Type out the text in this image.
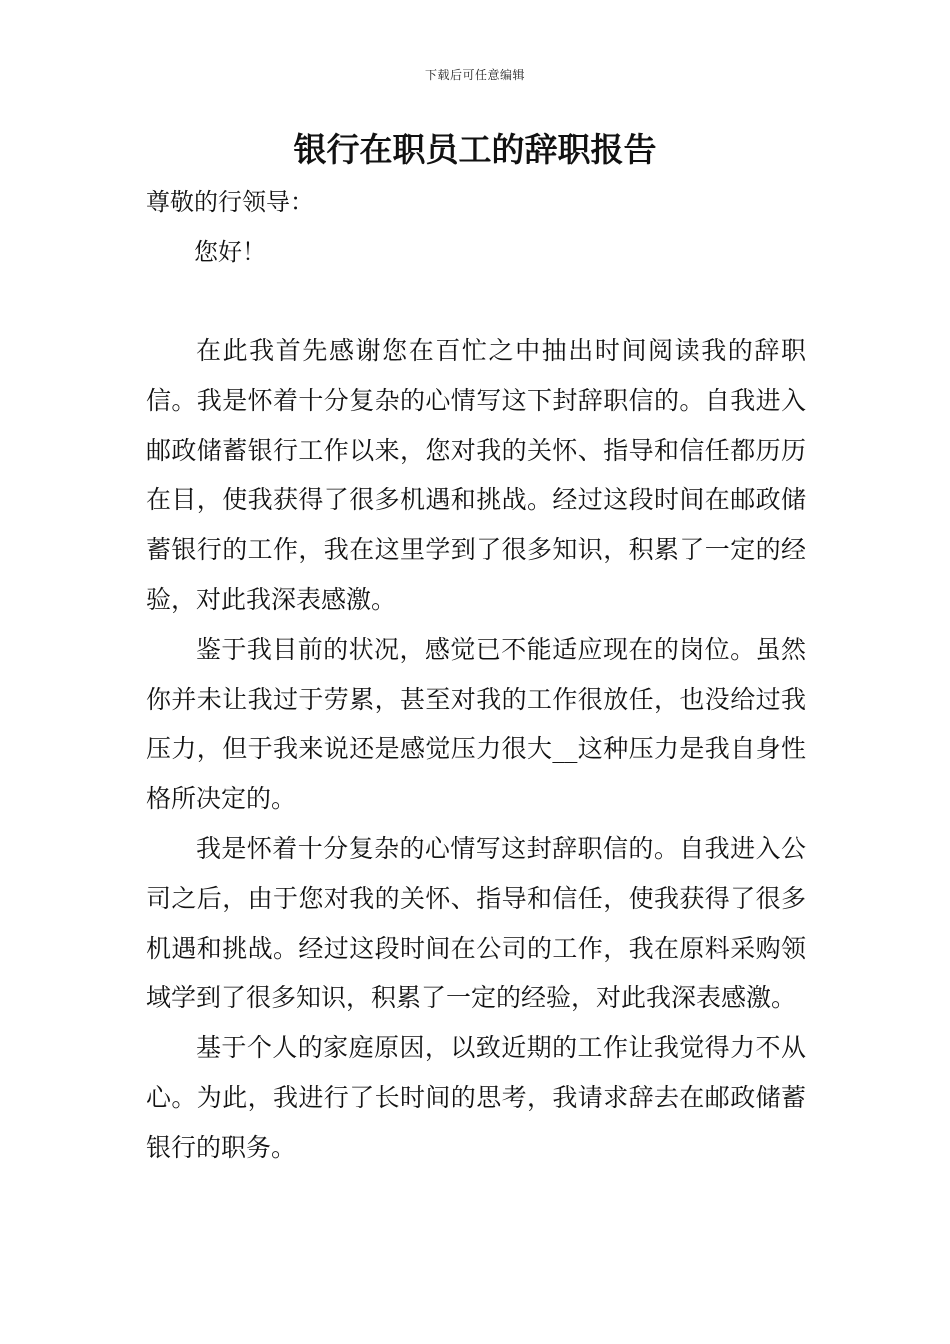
下载后可任意编辑
银行在职员工的辞职报告
尊敬的行领导：
您好！

在此我首先感谢您在百忙之中抽出时间阅读我的辞职信。我是怀着十分复杂的心情写这下封辞职信的。自我进入邮政储蓄银行工作以来，您对我的关怀、指导和信任都历历在目，使我获得了很多机遇和挑战。经过这段时间在邮政储蓄银行的工作，我在这里学到了很多知识，积累了一定的经验，对此我深表感激。

鉴于我目前的状况，感觉已不能适应现在的岗位。虽然你并未让我过于劳累，甚至对我的工作很放任，也没给过我压力，但于我来说还是感觉压力很大__这种压力是我自身性格所决定的。

我是怀着十分复杂的心情写这封辞职信的。自我进入公司之后，由于您对我的关怀、指导和信任，使我获得了很多机遇和挑战。经过这段时间在公司的工作，我在原料采购领域学到了很多知识，积累了一定的经验，对此我深表感激。

基于个人的家庭原因，以致近期的工作让我觉得力不从心。为此，我进行了长时间的思考，我请求辞去在邮政储蓄银行的职务。
